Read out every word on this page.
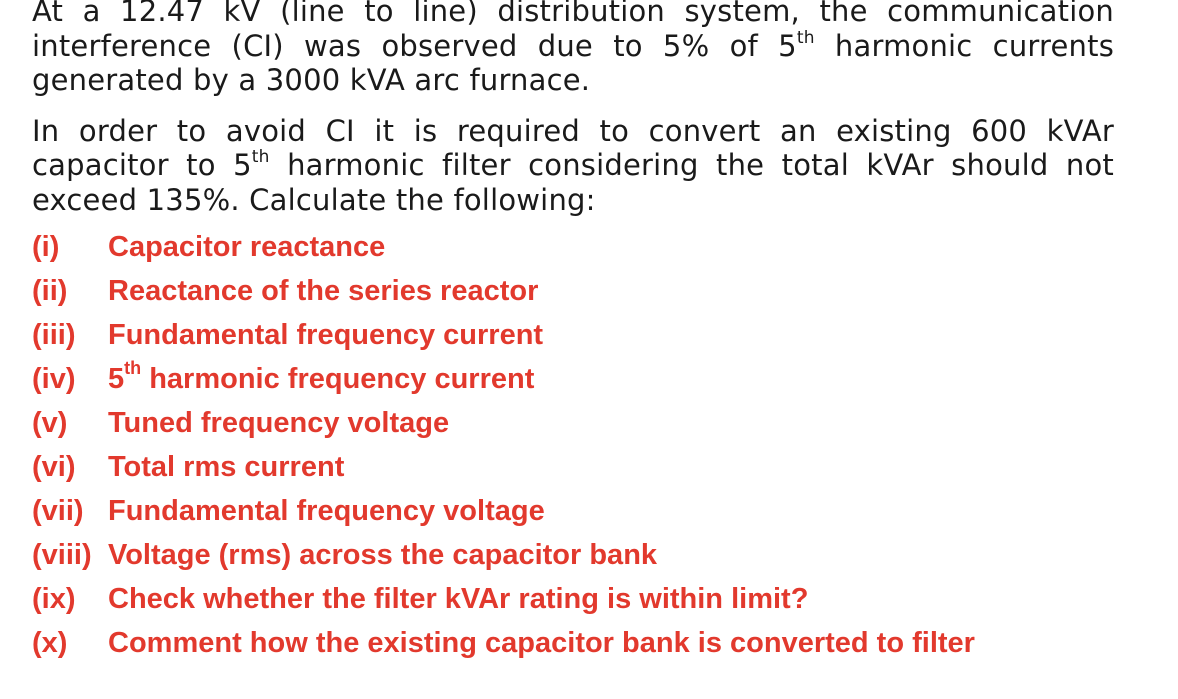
At a 12.47 kV (line to line) distribution system, the communication interference (CI) was observed due to 5% of 5th harmonic currents generated by a 3000 kVA arc furnace.

In order to avoid CI it is required to convert an existing 600 kVAr capacitor to 5th harmonic filter considering the total kVAr should not exceed 135%. Calculate the following:

(i)	Capacitor reactance
(ii)	Reactance of the series reactor
(iii)	Fundamental frequency current
(iv)	5th harmonic frequency current
(v)	Tuned frequency voltage
(vi)	Total rms current
(vii) Fundamental frequency voltage
(viii) Voltage (rms) across the capacitor bank
(ix)	Check whether the filter kVAr rating is within limit?
(x)	Comment how the existing capacitor bank is converted to filter
